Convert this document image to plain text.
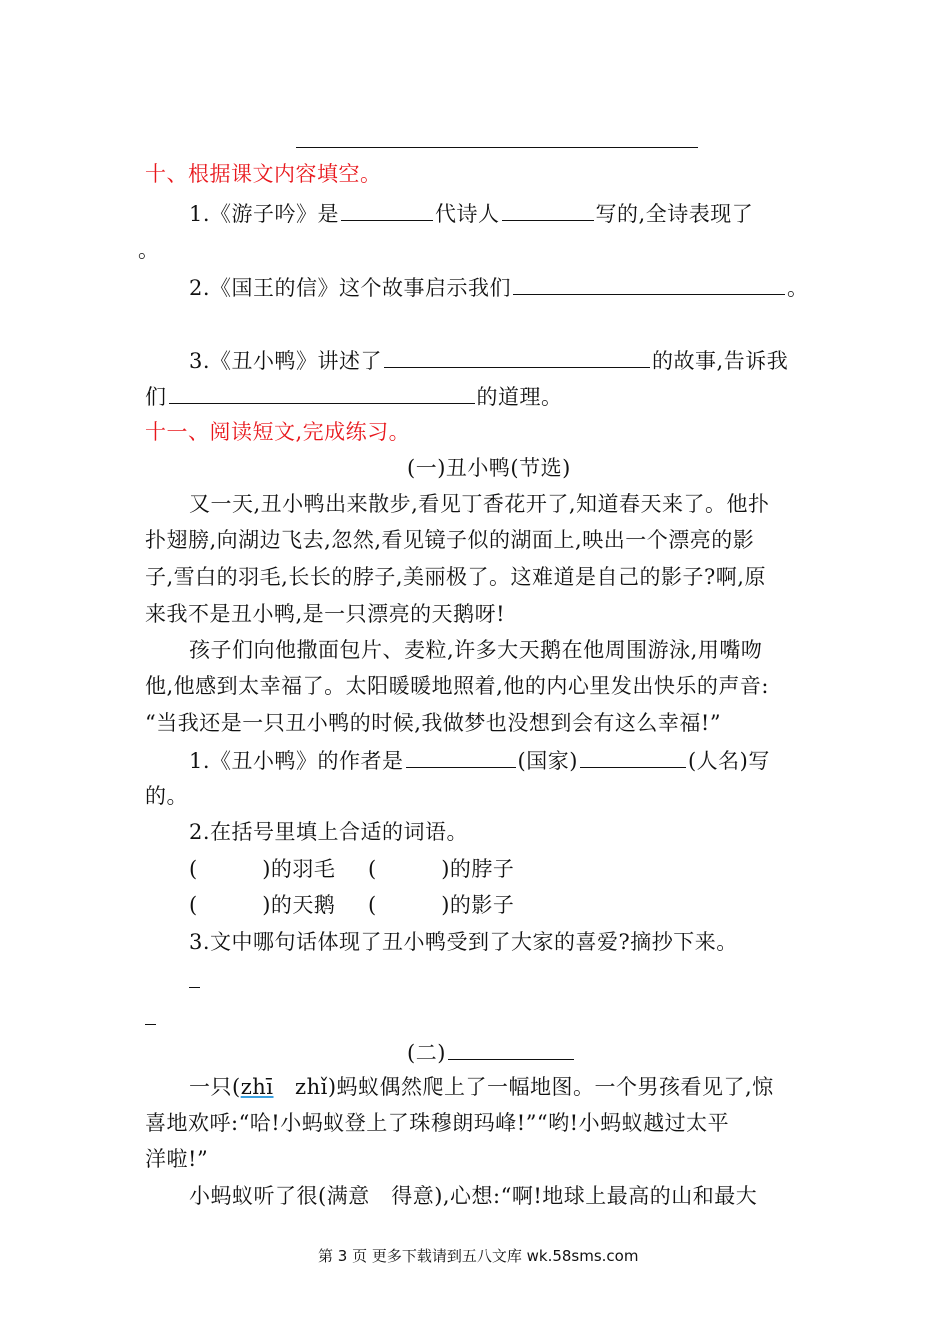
十、根据课文内容填空。
1.《游子吟》是	代诗人	写的,全诗表现了
。
2.《国王的信》这个故事启示我们	。
3.《丑小鸭》讲述了	的故事,告诉我
们	的道理。
十一、阅读短文,完成练习。
(一)丑小鸭(节选)
又一天,丑小鸭出来散步,看见丁香花开了,知道春天来了。他扑
扑翅膀,向湖边飞去,忽然,看见镜子似的湖面上,映出一个漂亮的影
子,雪白的羽毛,长长的脖子,美丽极了。这难道是自己的影子?啊,原
来我不是丑小鸭,是一只漂亮的天鹅呀!
孩子们向他撒面包片、麦粒,许多大天鹅在他周围游泳,用嘴吻
他,他感到太幸福了。太阳暖暖地照着,他的内心里发出快乐的声音:
“当我还是一只丑小鸭的时候,我做梦也没想到会有这么幸福!”
1.《丑小鸭》的作者是	(国家)	(人名)写
的。
2.在括号里填上合适的词语。
(　　　)的羽毛 (　　　)的脖子
(　　　)的天鹅 (　　　)的影子
3.文中哪句话体现了丑小鸭受到了大家的喜爱?摘抄下来。
(二)
一只(zhī　zhǐ)蚂蚁偶然爬上了一幅地图。一个男孩看见了,惊
喜地欢呼:“哈!小蚂蚁登上了珠穆朗玛峰!”“哟!小蚂蚁越过太平
洋啦!”
小蚂蚁听了很(满意　得意),心想:“啊!地球上最高的山和最大
第 3 页 更多下载请到五八文库 wk.58sms.com
